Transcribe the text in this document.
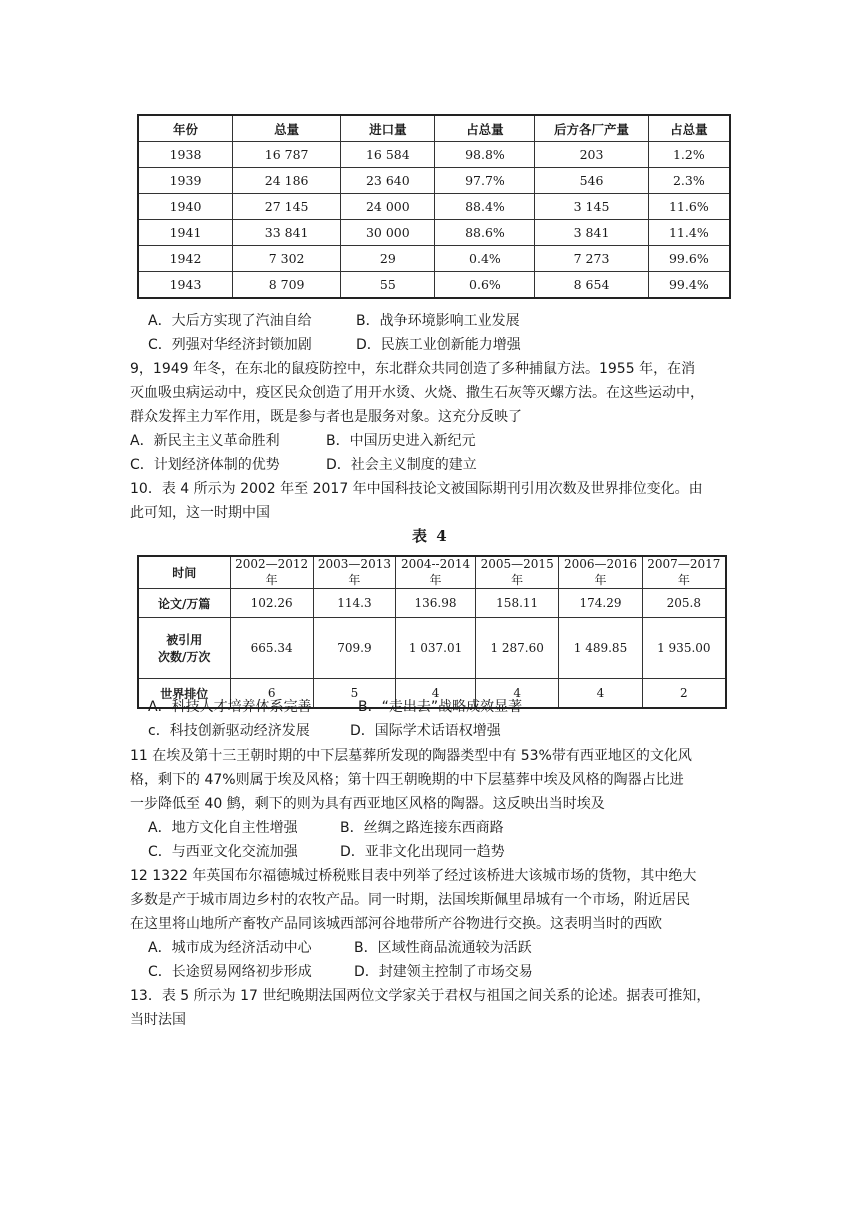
年份	总量	进口量	占总量	后方各厂产量	占总量
1938	16 787	16 584	98.8%	203	1.2%
1939	24 186	23 640	97.7%	546	2.3%
1940	27 145	24 000	88.4%	3 145	11.6%
1941	33 841	30 000	88.6%	3 841	11.4%
1942	7 302	29	0.4%	7 273	99.6%
1943	8 709	55	0.6%	8 654	99.4%
A．大后方实现了汽油自给	B．战争环境影响工业发展
C．列强对华经济封锁加剧	D．民族工业创新能力增强
9，1949 年冬，在东北的鼠疫防控中，东北群众共同创造了多种捕鼠方法。1955 年，在消
灭血吸虫病运动中，疫区民众创造了用开水烫、火烧、撒生石灰等灭螺方法。在这些运动中，
群众发挥主力军作用，既是参与者也是服务对象。这充分反映了
A．新民主主义革命胜利	B．中国历史进入新纪元
C．计划经济体制的优势	D．社会主义制度的建立
10．表 4 所示为 2002 年至 2017 年中国科技论文被国际期刊引用次数及世界排位变化。由
此可知，这一时期中国
表 4
时间	2002—2012 年	2003—2013 年	2004--2014 年	2005—2015 年	2006—2016 年	2007—2017 年
论文/万篇	102.26	114.3	136.98	158.11	174.29	205.8

被引用
次数/万次	665.34	709.9	1 037.01	1 287.60	1 489.85	1 935.00
世界排位	6	5	4	4	4	2
A．科技人才培养体系完善	B．“走出去”战略成效显著
c．科技创新驱动经济发展	D．国际学术话语权增强
11 在埃及第十三王朝时期的中下层墓葬所发现的陶器类型中有 53%带有西亚地区的文化风
格，剩下的 47%则属于埃及风格；第十四王朝晚期的中下层墓葬中埃及风格的陶器占比进
一步降低至 40 鹪，剩下的则为具有西亚地区风格的陶器。这反映出当时埃及
A．地方文化自主性增强	B．丝绸之路连接东西商路
C．与西亚文化交流加强	D．亚非文化出现同一趋势
12 1322 年英国布尔福德城过桥税账目表中列举了经过该桥进大该城市场的货物，其中绝大
多数是产于城市周边乡村的农牧产品。同一时期，法国埃斯佩里昂城有一个市场，附近居民
在这里将山地所产畜牧产品同该城西部河谷地带所产谷物进行交换。这表明当时的西欧
A．城市成为经济活动中心	B．区域性商品流通较为活跃
C．长途贸易网络初步形成	D．封建领主控制了市场交易
13．表 5 所示为 17 世纪晚期法国两位文学家关于君权与祖国之间关系的论述。据表可推知，
当时法国
